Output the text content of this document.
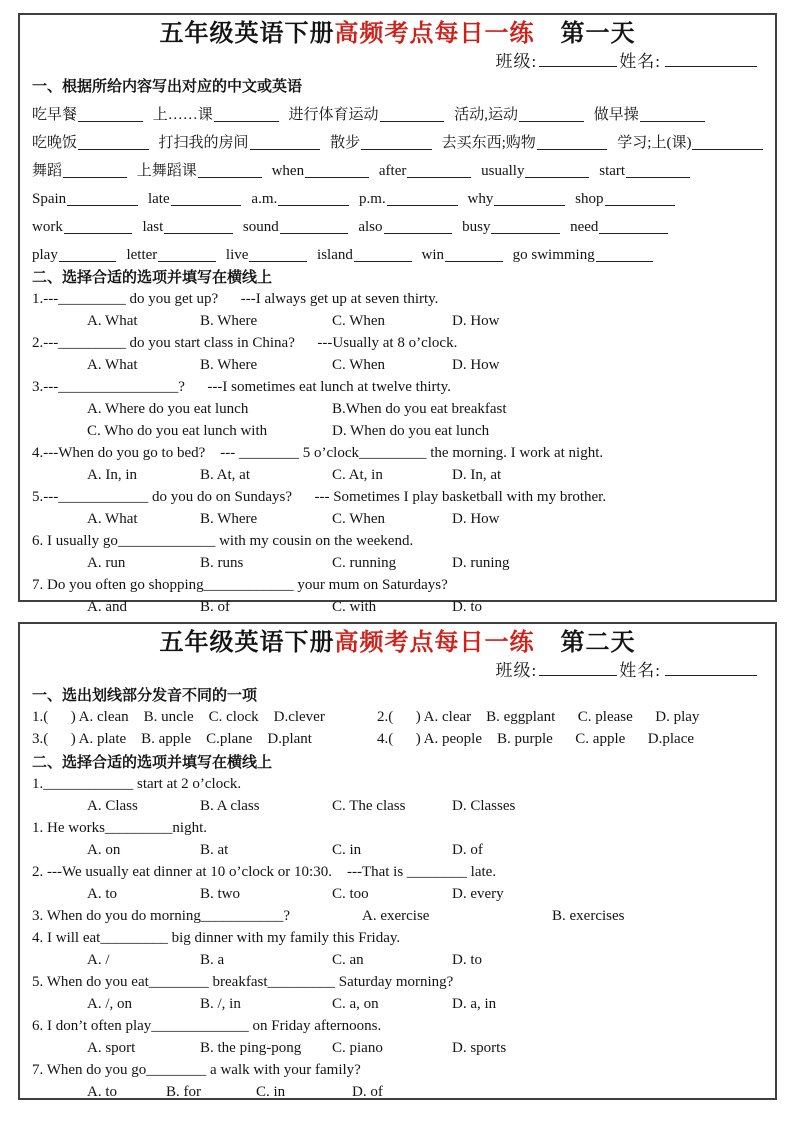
五年级英语下册高频考点每日一练 第一天
班级:	姓名:
一、根据所给内容写出对应的中文或英语
吃早餐	上……课	进行体育运动	活动,运动	做早操
吃晚饭	打扫我的房间	散步	去买东西;购物	学习;上(课)
舞蹈	上舞蹈课	when	after	usually	start
Spain	late	a.m.	p.m.	why	shop
work	last	sound	also	busy	need
play	letter	live	island	win	go swimming
二、选择合适的选项并填写在横线上
1.---_________ do you get up?      ---I always get up at seven thirty.
A. What	B. Where	C. When	D. How
2.---_________ do you start class in China?      ---Usually at 8 o’clock.
A. What	B. Where	C. When	D. How
3.---________________?      ---I sometimes eat lunch at twelve thirty.
A. Where do you eat lunch	B.When do you eat breakfast
C. Who do you eat lunch with	D. When do you eat lunch
4.---When do you go to bed?    --- ________ 5 o’clock_________ the morning. I work at night.
A. In, in	B. At, at	C. At, in	D. In, at
5.---____________ do you do on Sundays?      --- Sometimes I play basketball with my brother.
A. What	B. Where	C. When	D. How
6. I usually go_____________ with my cousin on the weekend.
A. run	B. runs	C. running	D. runing
7. Do you often go shopping____________ your mum on Saturdays?
A. and	B. of	C. with	D. to
五年级英语下册高频考点每日一练 第二天
班级:	姓名:
一、选出划线部分发音不同的一项
1.(      ) A. clean    B. uncle    C. clock    D.clever	2.(      ) A. clear    B. eggplant      C. please      D. play
3.(      ) A. plate    B. apple    C.plane    D.plant	4.(      ) A. people    B. purple      C. apple      D.place
二、选择合适的选项并填写在横线上
1.____________ start at 2 o’clock.
A. Class	B. A class	C. The class	D. Classes
1. He works_________night.
A. on	B. at	C. in	D. of
2. ---We usually eat dinner at 10 o’clock or 10:30.    ---That is ________ late.
A. to	B. two	C. too	D. every
3. When do you do morning___________?	A. exercise	B. exercises
4. I will eat_________ big dinner with my family this Friday.
A. /	B. a	C. an	D. to
5. When do you eat________ breakfast_________ Saturday morning?
A. /, on	B. /, in	C. a, on	D. a, in
6. I don’t often play_____________ on Friday afternoons.
A. sport	B. the ping-pong	C. piano	D. sports
7. When do you go________ a walk with your family?
A. to	B. for	C. in	D. of
